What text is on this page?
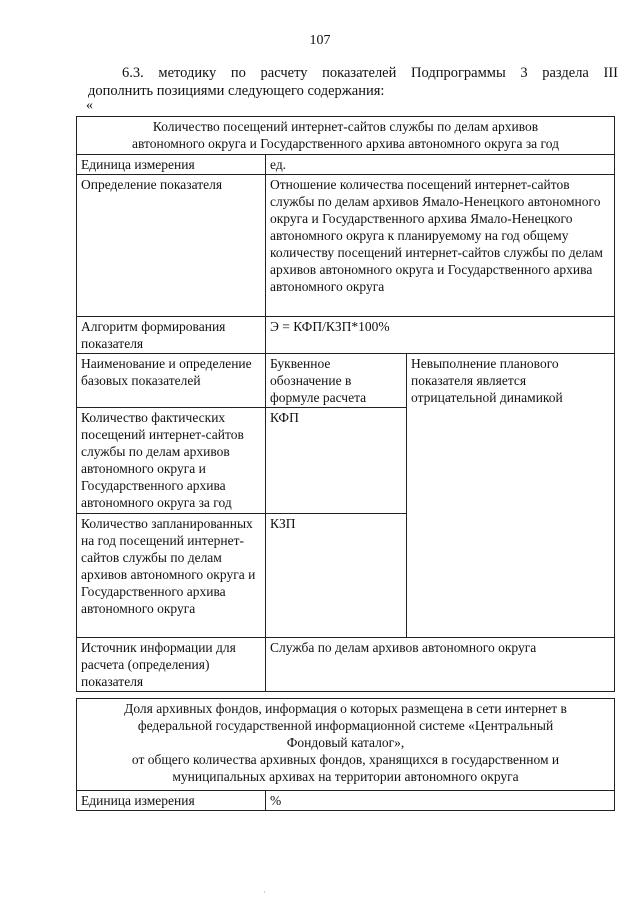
107
6.3. методику по расчету показателей Подпрограммы 3 раздела III
дополнить позициями следующего содержания:
«
Количество посещений интернет-сайтов службы по делам архивов
автономного округа и Государственного архива автономного округа за год		

Единица измерения	ед.	
Определение показателя	Отношение количества посещений интернет-сайтов службы по делам архивов Ямало-Ненецкого автономного округа и Государственного архива Ямало-Ненецкого автономного округа к планируемому на год общему количеству посещений интернет-сайтов службы по делам архивов автономного округа и Государственного архива автономного округа	
Алгоритм формирования показателя	Э = КФП/КЗП*100%	
Наименование и определение базовых показателей	Буквенное обозначение в формуле расчета	Невыполнение планового показателя является отрицательной динамикой
Количество фактических посещений интернет-сайтов службы по делам архивов автономного округа и Государственного архива автономного округа за год	КФП	
Количество запланированных на год посещений интернет-сайтов службы по делам архивов автономного округа и Государственного архива автономного округа	КЗП	
Источник информации для расчета (определения) показателя	Служба по делам архивов автономного округа	
Доля архивных фондов, информация о которых размещена в сети интернет в
федеральной государственной информационной системе «Центральный
Фондовый каталог»,
от общего количества архивных фондов, хранящихся в государственном и
муниципальных архивах на территории автономного округа

Единица измерения	%
·
